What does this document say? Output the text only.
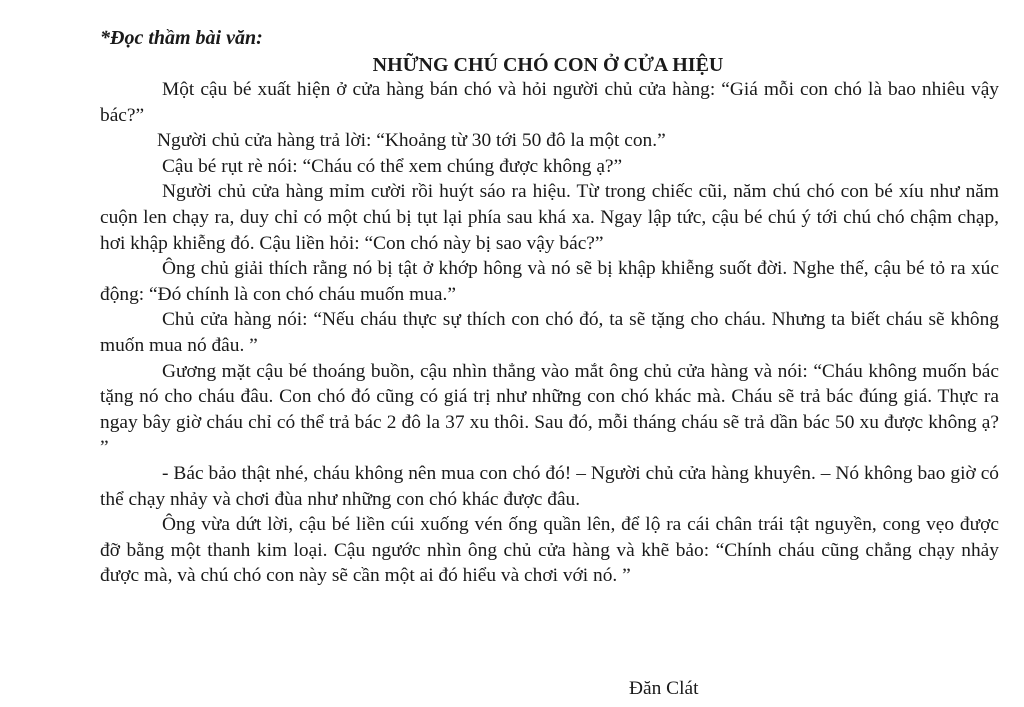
*Đọc thầm bài văn:
NHỮNG CHÚ CHÓ CON Ở CỬA HIỆU

Một cậu bé xuất hiện ở cửa hàng bán chó và hỏi người chủ cửa hàng: “Giá mỗi con chó là bao nhiêu vậy bác?”

Người chủ cửa hàng trả lời: “Khoảng từ 30 tới 50 đô la một con.”

Cậu bé rụt rè nói: “Cháu có thể xem chúng được không ạ?”

Người chủ cửa hàng mỉm cười rồi huýt sáo ra hiệu. Từ trong chiếc cũi, năm chú chó con bé xíu như năm cuộn len chạy ra, duy chỉ có một chú bị tụt lại phía sau khá xa. Ngay lập tức, cậu bé chú ý tới chú chó chậm chạp, hơi khập khiễng đó. Cậu liền hỏi: “Con chó này bị sao vậy bác?”

Ông chủ giải thích rằng nó bị tật ở khớp hông và nó sẽ bị khập khiễng suốt đời. Nghe thế, cậu bé tỏ ra xúc động: “Đó chính là con chó cháu muốn mua.”

Chủ cửa hàng nói: “Nếu cháu thực sự thích con chó đó, ta sẽ tặng cho cháu. Nhưng ta biết cháu sẽ không muốn mua nó đâu. ”

Gương mặt cậu bé thoáng buồn, cậu nhìn thẳng vào mắt ông chủ cửa hàng và nói: “Cháu không muốn bác tặng nó cho cháu đâu. Con chó đó cũng có giá trị như những con chó khác mà. Cháu sẽ trả bác đúng giá. Thực ra ngay bây giờ cháu chỉ có thể trả bác 2 đô la 37 xu thôi. Sau đó, mỗi tháng cháu sẽ trả dần bác 50 xu được không ạ? ”

- Bác bảo thật nhé, cháu không nên mua con chó đó! – Người chủ cửa hàng khuyên. – Nó không bao giờ có thể chạy nhảy và chơi đùa như những con chó khác được đâu.

Ông vừa dứt lời, cậu bé liền cúi xuống vén ống quần lên, để lộ ra cái chân trái tật nguyền, cong vẹo được đỡ bằng một thanh kim loại. Cậu ngước nhìn ông chủ cửa hàng và khẽ bảo: “Chính cháu cũng chẳng chạy nhảy được mà, và chú chó con này sẽ cần một ai đó hiểu và chơi với nó. ”

Đăn Clát
